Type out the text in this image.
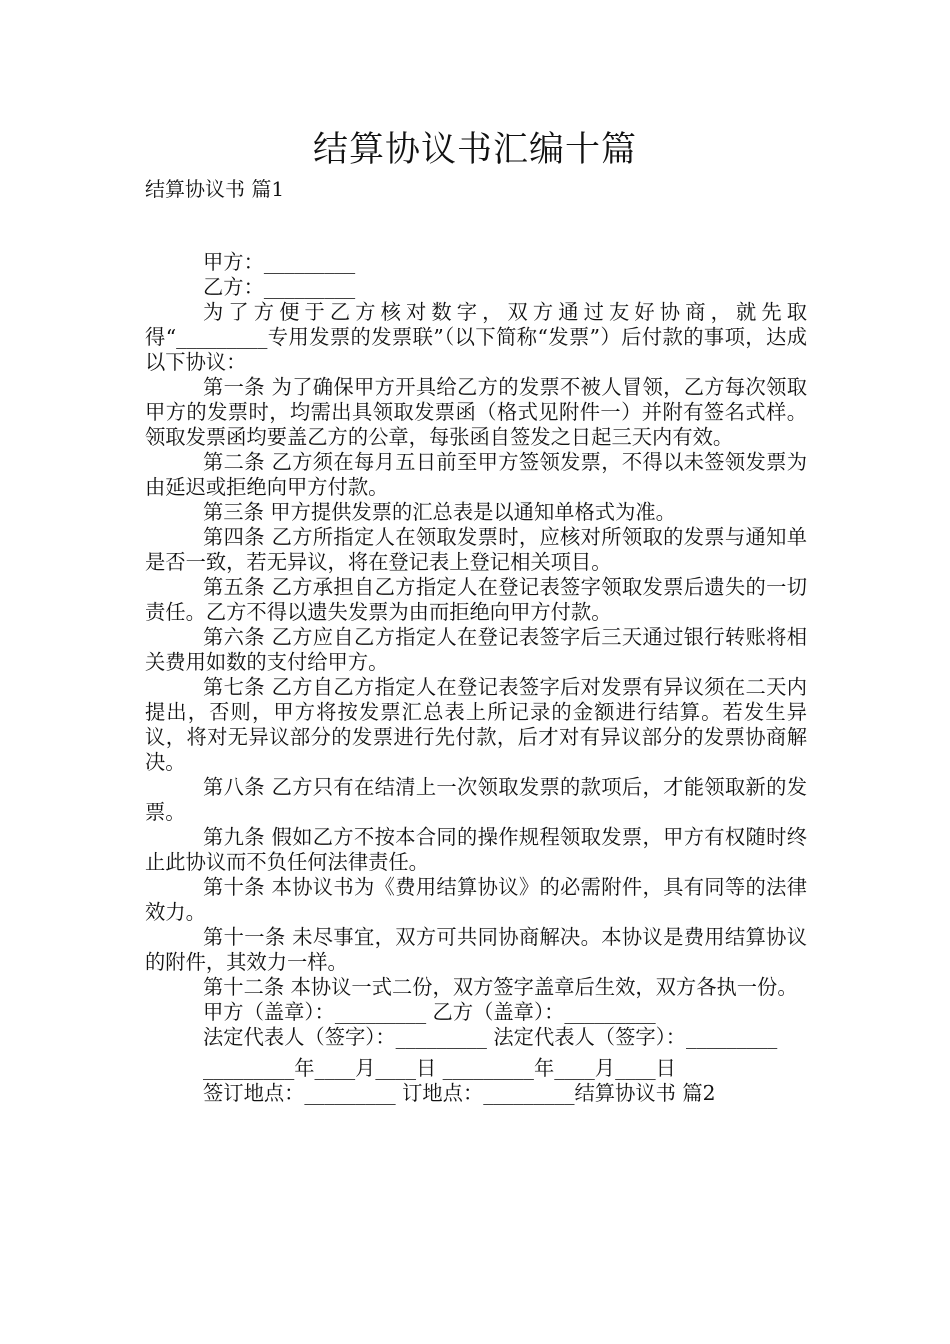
结算协议书汇编十篇
结算协议书 篇1

甲方：_________

乙方：_________

为了方便于乙方核对数字，双方通过友好协商，就先取得“_________专用发票的发票联”（以下简称“发票”）后付款的事项，达成以下协议：

第一条 为了确保甲方开具给乙方的发票不被人冒领，乙方每次领取甲方的发票时，均需出具领取发票函（格式见附件一）并附有签名式样。领取发票函均要盖乙方的公章，每张函自签发之日起三天内有效。

第二条 乙方须在每月五日前至甲方签领发票，不得以未签领发票为由延迟或拒绝向甲方付款。

第三条 甲方提供发票的汇总表是以通知单格式为准。

第四条 乙方所指定人在领取发票时，应核对所领取的发票与通知单是否一致，若无异议，将在登记表上登记相关项目。

第五条 乙方承担自乙方指定人在登记表签字领取发票后遗失的一切责任。乙方不得以遗失发票为由而拒绝向甲方付款。

第六条 乙方应自乙方指定人在登记表签字后三天通过银行转账将相关费用如数的支付给甲方。

第七条 乙方自乙方指定人在登记表签字后对发票有异议须在二天内提出，否则，甲方将按发票汇总表上所记录的金额进行结算。若发生异议，将对无异议部分的发票进行先付款，后才对有异议部分的发票协商解决。

第八条 乙方只有在结清上一次领取发票的款项后，才能领取新的发票。

第九条 假如乙方不按本合同的操作规程领取发票，甲方有权随时终止此协议而不负任何法律责任。

第十条 本协议书为《费用结算协议》的必需附件，具有同等的法律效力。

第十一条 未尽事宜，双方可共同协商解决。本协议是费用结算协议的附件，其效力一样。

第十二条 本协议一式二份，双方签字盖章后生效，双方各执一份。

甲方（盖章）：_________ 乙方（盖章）：_________

法定代表人（签字）：_________ 法定代表人（签字）：_________

_________年____月____日 _________年____月____日

签订地点：_________ 订地点：_________结算协议书 篇2
